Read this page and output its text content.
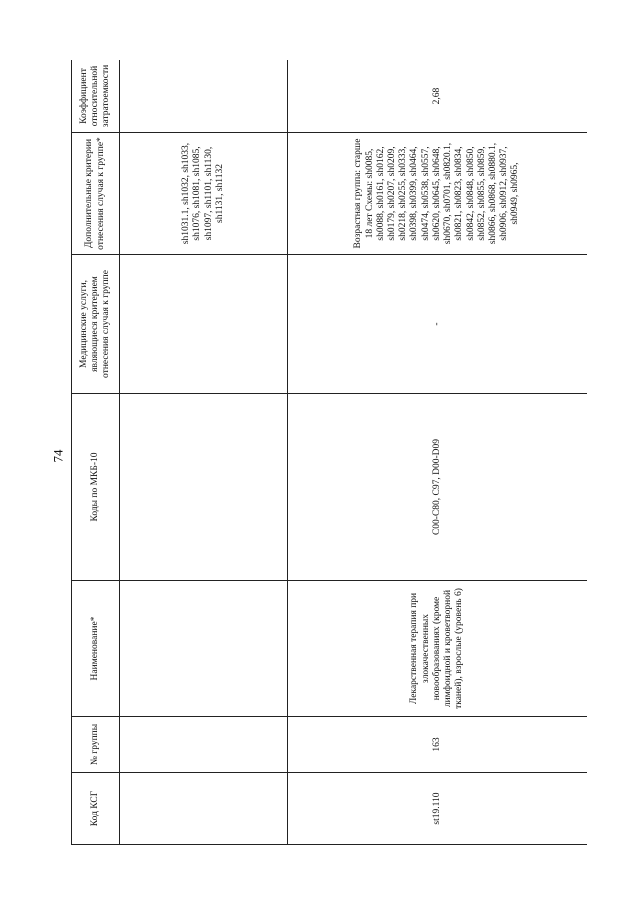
74
Код КСГ	№ группы	Наименование*	Коды по МКБ-10	Медицинские услуги, являющиеся критерием отнесения случая к группе	Дополнительные критерии отнесения случая к группе*	Коэффициент относительной затратоемкости
					sh1031.1, sh1032, sh1033, sh1076, sh1081, sh1085, sh1097, sh1101, sh1130, sh1131, sh1132	
st19.110	163	Лекарственная терапия при злокачественных новообразованиях (кроме лимфоидной и кроветворной тканей), взрослые (уровень 6)	C00-C80, C97, D00-D09	-	Возрастная группа: старше 18 лет Схемы: sh0085, sh0088, sh0161, sh0162, sh0179, sh0207, sh0209, sh0218, sh0255, sh0333, sh0398, sh0399, sh0464, sh0474, sh0538, sh0557, sh0620, sh0645, sh0648, sh0670, sh0701, sh0820.1, sh0821, sh0823, sh0834, sh0842, sh0848, sh0850, sh0852, sh0855, sh0859, sh0866, sh0868, sh0880.1, sh0906, sh0912, sh0937, sh0949, sh0965,	2,68
